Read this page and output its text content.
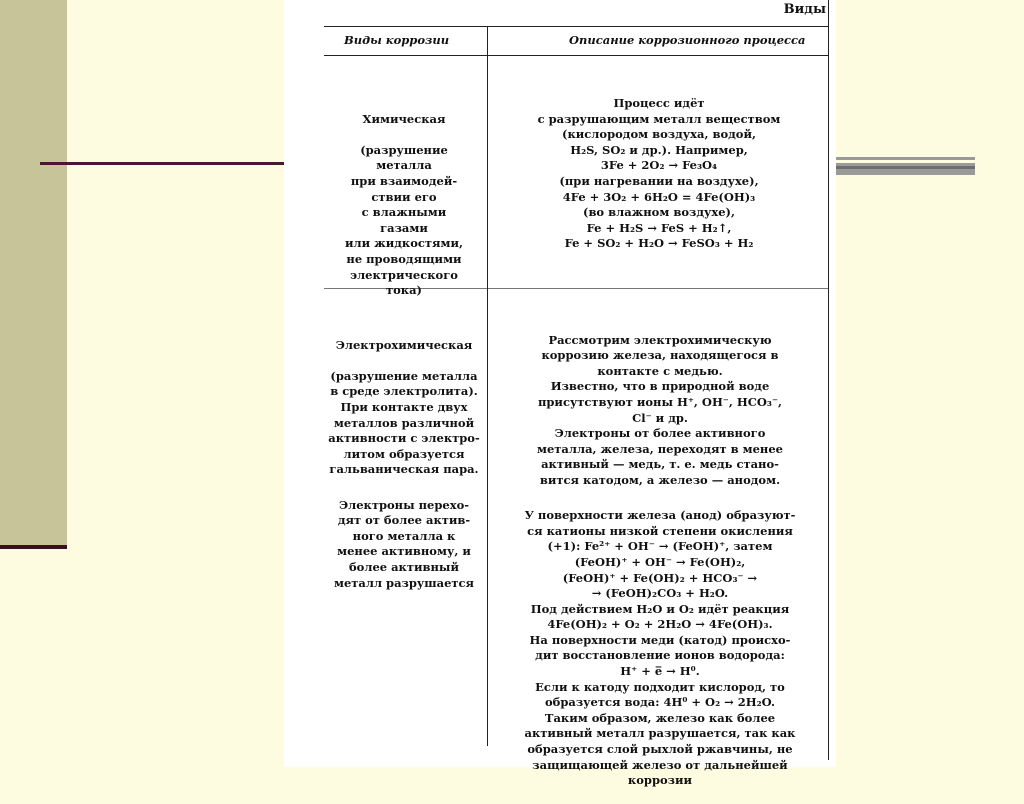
Виды
Виды коррозии	Описание коррозионного процесса

Химическая

(разрушение
металла
при взаимодей-
ствии его
с влажными
газами
или жидкостями,
не проводящими
электрического
тока)

Процесс идёт
с разрушающим металл веществом
(кислородом воздуха, водой,
H₂S, SO₂ и др.). Например,
3Fe + 2O₂ → Fe₃O₄
(при нагревании на воздухе),
4Fe + 3O₂ + 6H₂O = 4Fe(OH)₃
(во влажном воздухе),
Fe + H₂S → FeS + H₂↑,
Fe + SO₂ + H₂O → FeSO₃ + H₂

Электрохимическая

(разрушение металла
в среде электролита).
При контакте двух
металлов различной
активности с электро-
литом образуется
гальваническая пара.

Электроны перехо-
дят от более актив-
ного металла к
менее активному, и
более активный
металл разрушается

Рассмотрим электрохимическую
коррозию железа, находящегося в
контакте с медью.
Известно, что в природной воде
присутствуют ионы H⁺, OH⁻, HCO₃⁻,
Cl⁻ и др.
Электроны от более активного
металла, железа, переходят в менее
активный — медь, т. е. медь стано-
вится катодом, а железо — анодом.

У поверхности железа (анод) образуют-
ся катионы низкой степени окисления
(+1): Fe²⁺ + OH⁻ → (FeOH)⁺, затем
(FeOH)⁺ + OH⁻ → Fe(OH)₂,
(FeOH)⁺ + Fe(OH)₂ + HCO₃⁻ →
→ (FeOH)₂CO₃ + H₂O.
Под действием H₂O и O₂ идёт реакция
4Fe(OH)₂ + O₂ + 2H₂O → 4Fe(OH)₃.
На поверхности меди (катод) происхо-
дит восстановление ионов водорода:
H⁺ + e̅ → H⁰.
Если к катоду подходит кислород, то
образуется вода: 4H⁰ + O₂ → 2H₂O.
Таким образом, железо как более
активный металл разрушается, так как
образуется слой рыхлой ржавчины, не
защищающей железо от дальнейшей
коррозии
